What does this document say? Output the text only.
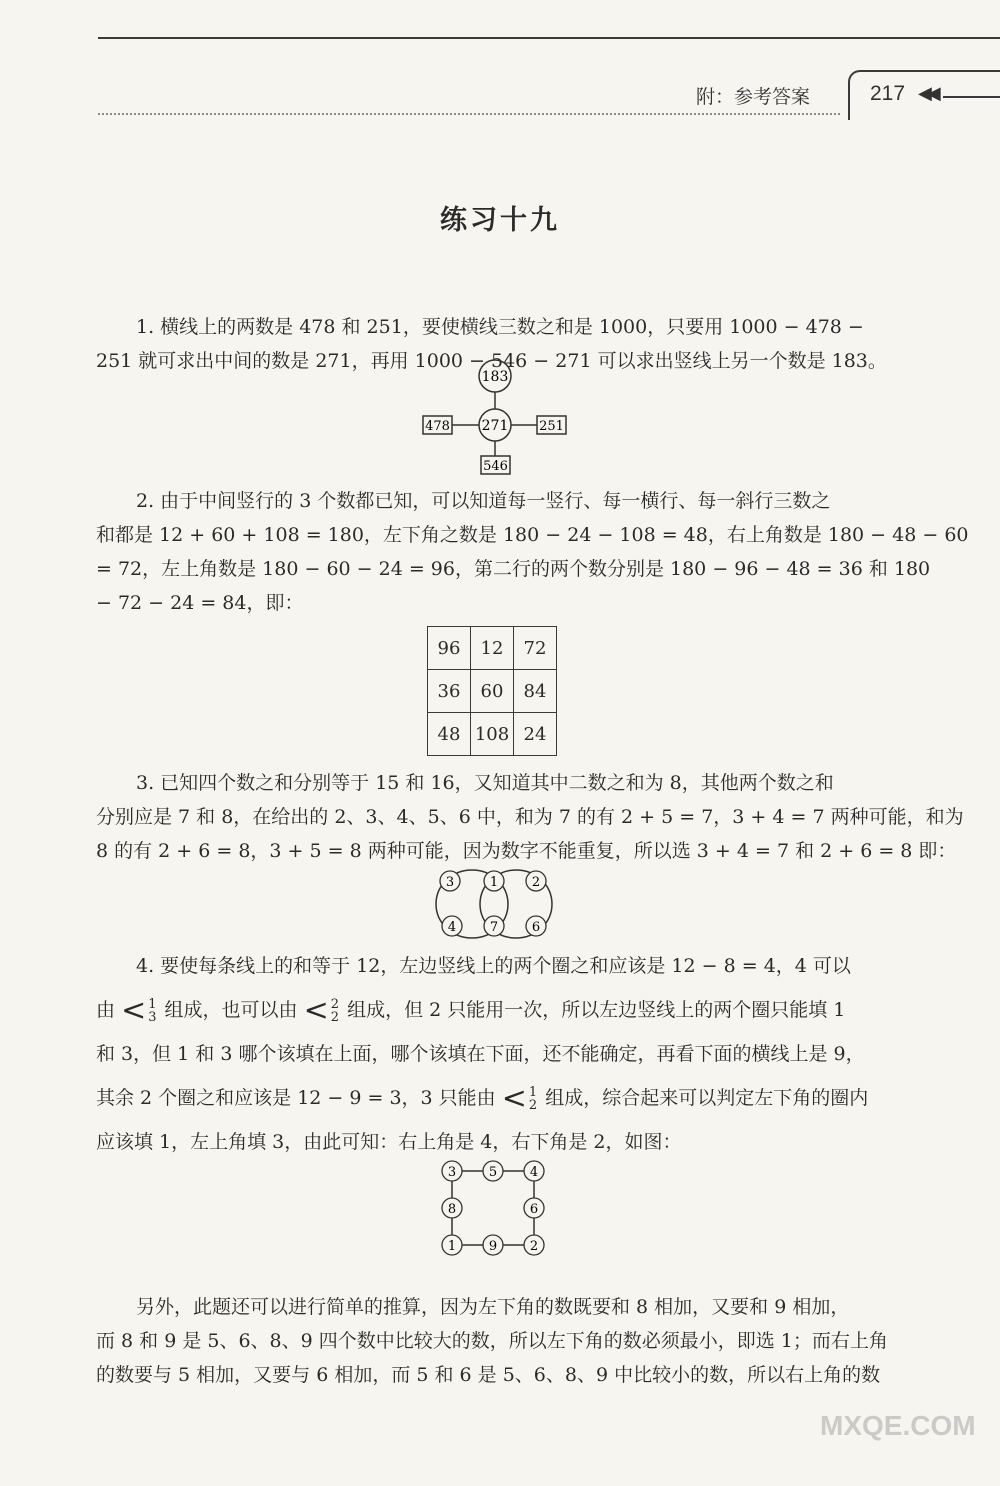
附：参考答案	217 ◀◀
练习十九
1. 横线上的两数是 478 和 251，要使横线三数之和是 1000，只要用 1000 − 478 −
251 就可求出中间的数是 271，再用 1000 − 546 − 271 可以求出竖线上另一个数是 183。
183
271
478	251
546
2. 由于中间竖行的 3 个数都已知，可以知道每一竖行、每一横行、每一斜行三数之
和都是 12 + 60 + 108 = 180，左下角之数是 180 − 24 − 108 = 48，右上角数是 180 − 48 − 60
= 72，左上角数是 180 − 60 − 24 = 96，第二行的两个数分别是 180 − 96 − 48 = 36 和 180
− 72 − 24 = 84，即：
96	12	72
36	60	84
48	108	24
3. 已知四个数之和分别等于 15 和 16，又知道其中二数之和为 8，其他两个数之和
分别应是 7 和 8，在给出的 2、3、4、5、6 中，和为 7 的有 2 + 5 = 7，3 + 4 = 7 两种可能，和为
8 的有 2 + 6 = 8，3 + 5 = 8 两种可能，因为数字不能重复，所以选 3 + 4 = 7 和 2 + 6 = 8 即：
3	1	2
4	7	6
4. 要使每条线上的和等于 12，左边竖线上的两个圈之和应该是 12 − 8 = 4，4 可以
由 < 1
3 组成，也可以由 < 2
2 组成，但 2 只能用一次，所以左边竖线上的两个圈只能填 1
和 3，但 1 和 3 哪个该填在上面，哪个该填在下面，还不能确定，再看下面的横线上是 9，
其余 2 个圈之和应该是 12 − 9 = 3，3 只能由 < 1
2 组成，综合起来可以判定左下角的圈内
应该填 1，左上角填 3，由此可知：右上角是 4，右下角是 2，如图：
3	5	4
8	6
1	9	2
另外，此题还可以进行简单的推算，因为左下角的数既要和 8 相加，又要和 9 相加，
而 8 和 9 是 5、6、8、9 四个数中比较大的数，所以左下角的数必须最小，即选 1；而右上角
的数要与 5 相加，又要与 6 相加，而 5 和 6 是 5、6、8、9 中比较小的数，所以右上角的数
MXQE.COM
